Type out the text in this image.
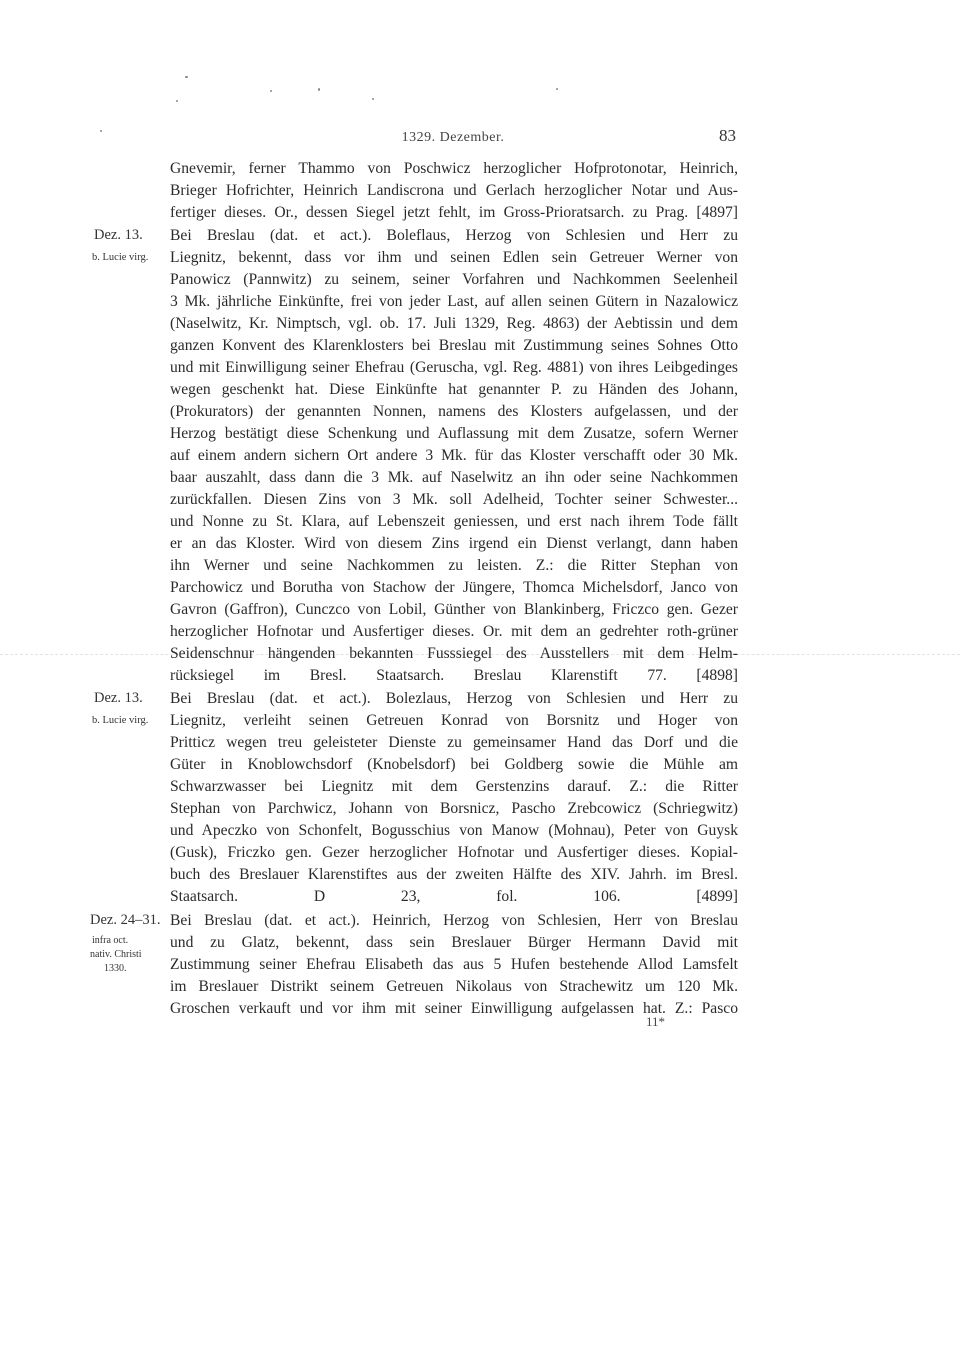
1329. Dezember.	83
Gnevemir, ferner Thammo von Poschwicz herzoglicher Hofprotonotar, Heinrich,
Brieger Hofrichter, Heinrich Landiscrona und Gerlach herzoglicher Notar und Aus-
fertiger dieses. Or., dessen Siegel jetzt fehlt, im Gross-Prioratsarch. zu Prag. [4897]
Dez. 13.	Bei Breslau (dat. et act.). Boleflaus, Herzog von Schlesien und Herr zu
b. Lucie virg.	Liegnitz, bekennt, dass vor ihm und seinen Edlen sein Getreuer Werner von
Panowicz (Pannwitz) zu seinem, seiner Vorfahren und Nachkommen Seelenheil
3 Mk. jährliche Einkünfte, frei von jeder Last, auf allen seinen Gütern in Nazalowicz
(Naselwitz, Kr. Nimptsch, vgl. ob. 17. Juli 1329, Reg. 4863) der Aebtissin und dem
ganzen Konvent des Klarenklosters bei Breslau mit Zustimmung seines Sohnes Otto
und mit Einwilligung seiner Ehefrau (Geruscha, vgl. Reg. 4881) von ihres Leibgedinges
wegen geschenkt hat. Diese Einkünfte hat genannter P. zu Händen des Johann,
(Prokurators) der genannten Nonnen, namens des Klosters aufgelassen, und der
Herzog bestätigt diese Schenkung und Auflassung mit dem Zusatze, sofern Werner
auf einem andern sichern Ort andere 3 Mk. für das Kloster verschafft oder 30 Mk.
baar auszahlt, dass dann die 3 Mk. auf Naselwitz an ihn oder seine Nachkommen
zurückfallen. Diesen Zins von 3 Mk. soll Adelheid, Tochter seiner Schwester...
und Nonne zu St. Klara, auf Lebenszeit geniessen, und erst nach ihrem Tode fällt
er an das Kloster. Wird von diesem Zins irgend ein Dienst verlangt, dann haben
ihn Werner und seine Nachkommen zu leisten. Z.: die Ritter Stephan von
Parchowicz und Borutha von Stachow der Jüngere, Thomca Michelsdorf, Janco von
Gavron (Gaffron), Cunczco von Lobil, Günther von Blankinberg, Friczco gen. Gezer
herzoglicher Hofnotar und Ausfertiger dieses. Or. mit dem an gedrehter roth-grüner
Seidenschnur hängenden bekannten Fusssiegel des Ausstellers mit dem Helm-
rücksiegel im Bresl. Staatsarch. Breslau Klarenstift 77. [4898]
Dez. 13.	Bei Breslau (dat. et act.). Bolezlaus, Herzog von Schlesien und Herr zu
b. Lucie virg.	Liegnitz, verleiht seinen Getreuen Konrad von Borsnitz und Hoger von
Pritticz wegen treu geleisteter Dienste zu gemeinsamer Hand das Dorf und die
Güter in Knoblowchsdorf (Knobelsdorf) bei Goldberg sowie die Mühle am
Schwarzwasser bei Liegnitz mit dem Gerstenzins darauf. Z.: die Ritter
Stephan von Parchwicz, Johann von Borsnicz, Pascho Zrebcowicz (Schriegwitz)
und Apeczko von Schonfelt, Bogusschius von Manow (Mohnau), Peter von Guysk
(Gusk), Friczko gen. Gezer herzoglicher Hofnotar und Ausfertiger dieses. Kopial-
buch des Breslauer Klarenstiftes aus der zweiten Hälfte des XIV. Jahrh. im Bresl.
Staatsarch. D 23, fol. 106. [4899]
Dez. 24–31. Bei Breslau (dat. et act.). Heinrich, Herzog von Schlesien, Herr von Breslau
infra oct.	und zu Glatz, bekennt, dass sein Breslauer Bürger Hermann David mit
nativ. Christi
1330.	Zustimmung seiner Ehefrau Elisabeth das aus 5 Hufen bestehende Allod Lamsfelt
im Breslauer Distrikt seinem Getreuen Nikolaus von Strachewitz um 120 Mk.
Groschen verkauft und vor ihm mit seiner Einwilligung aufgelassen hat. Z.: Pasco
11*
